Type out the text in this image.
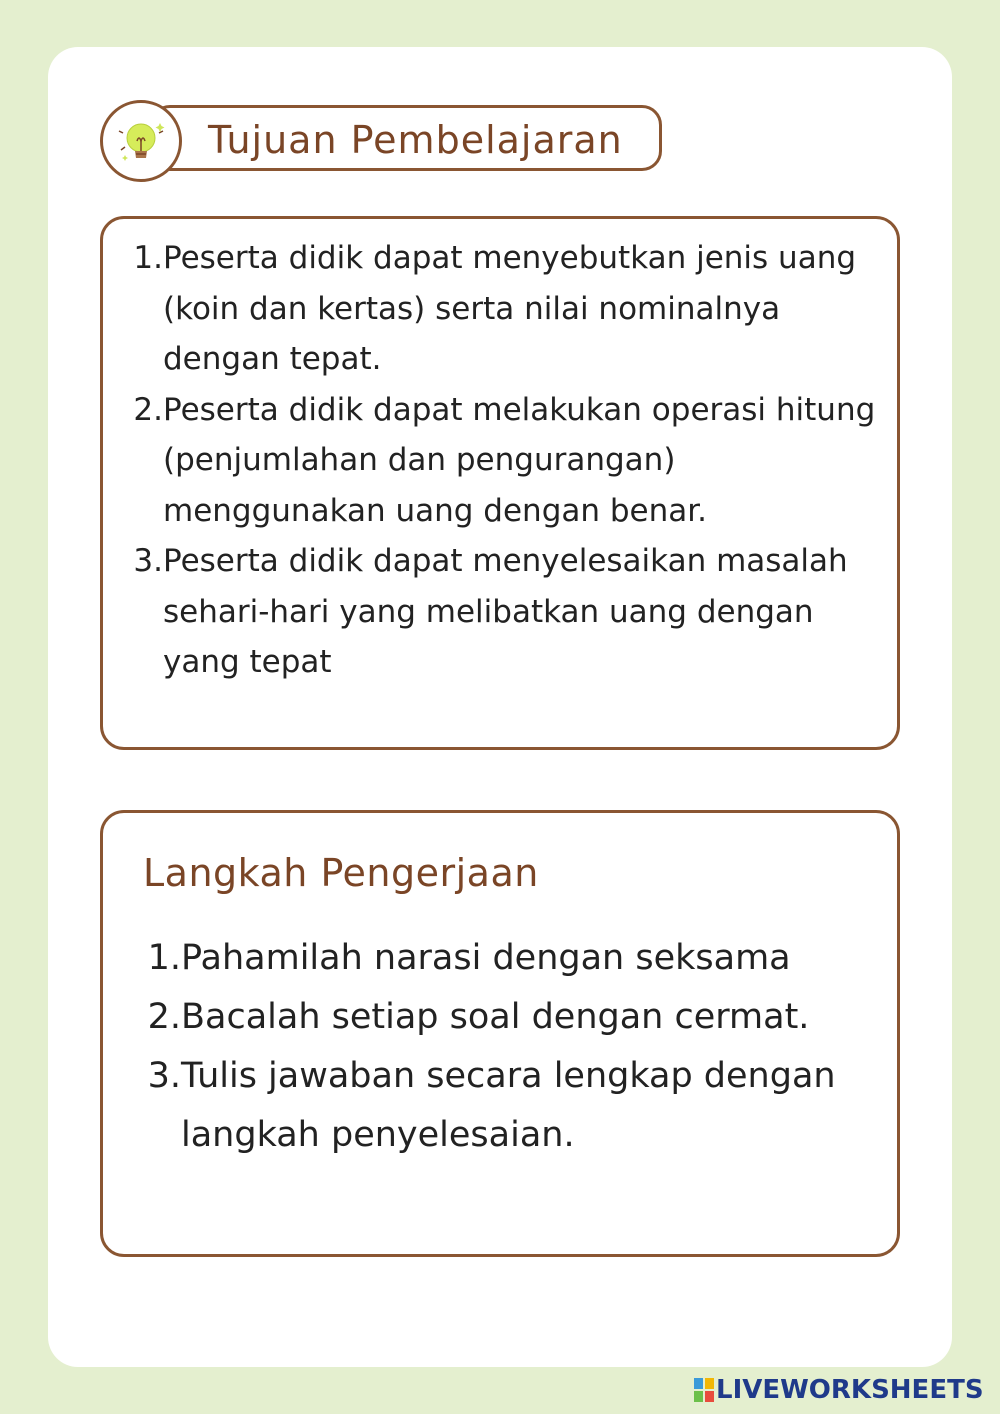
Tujuan Pembelajaran
1. Peserta didik dapat menyebutkan jenis uang (koin dan kertas) serta nilai nominalnya dengan tepat.
2. Peserta didik dapat melakukan operasi hitung (penjumlahan dan pengurangan) menggunakan uang dengan benar.
3. Peserta didik dapat menyelesaikan masalah sehari-hari yang melibatkan uang dengan yang tepat
Langkah Pengerjaan
1. Pahamilah narasi dengan seksama
2. Bacalah setiap soal dengan cermat.
3. Tulis jawaban secara lengkap dengan langkah penyelesaian.
LIVEWORKSHEETS
